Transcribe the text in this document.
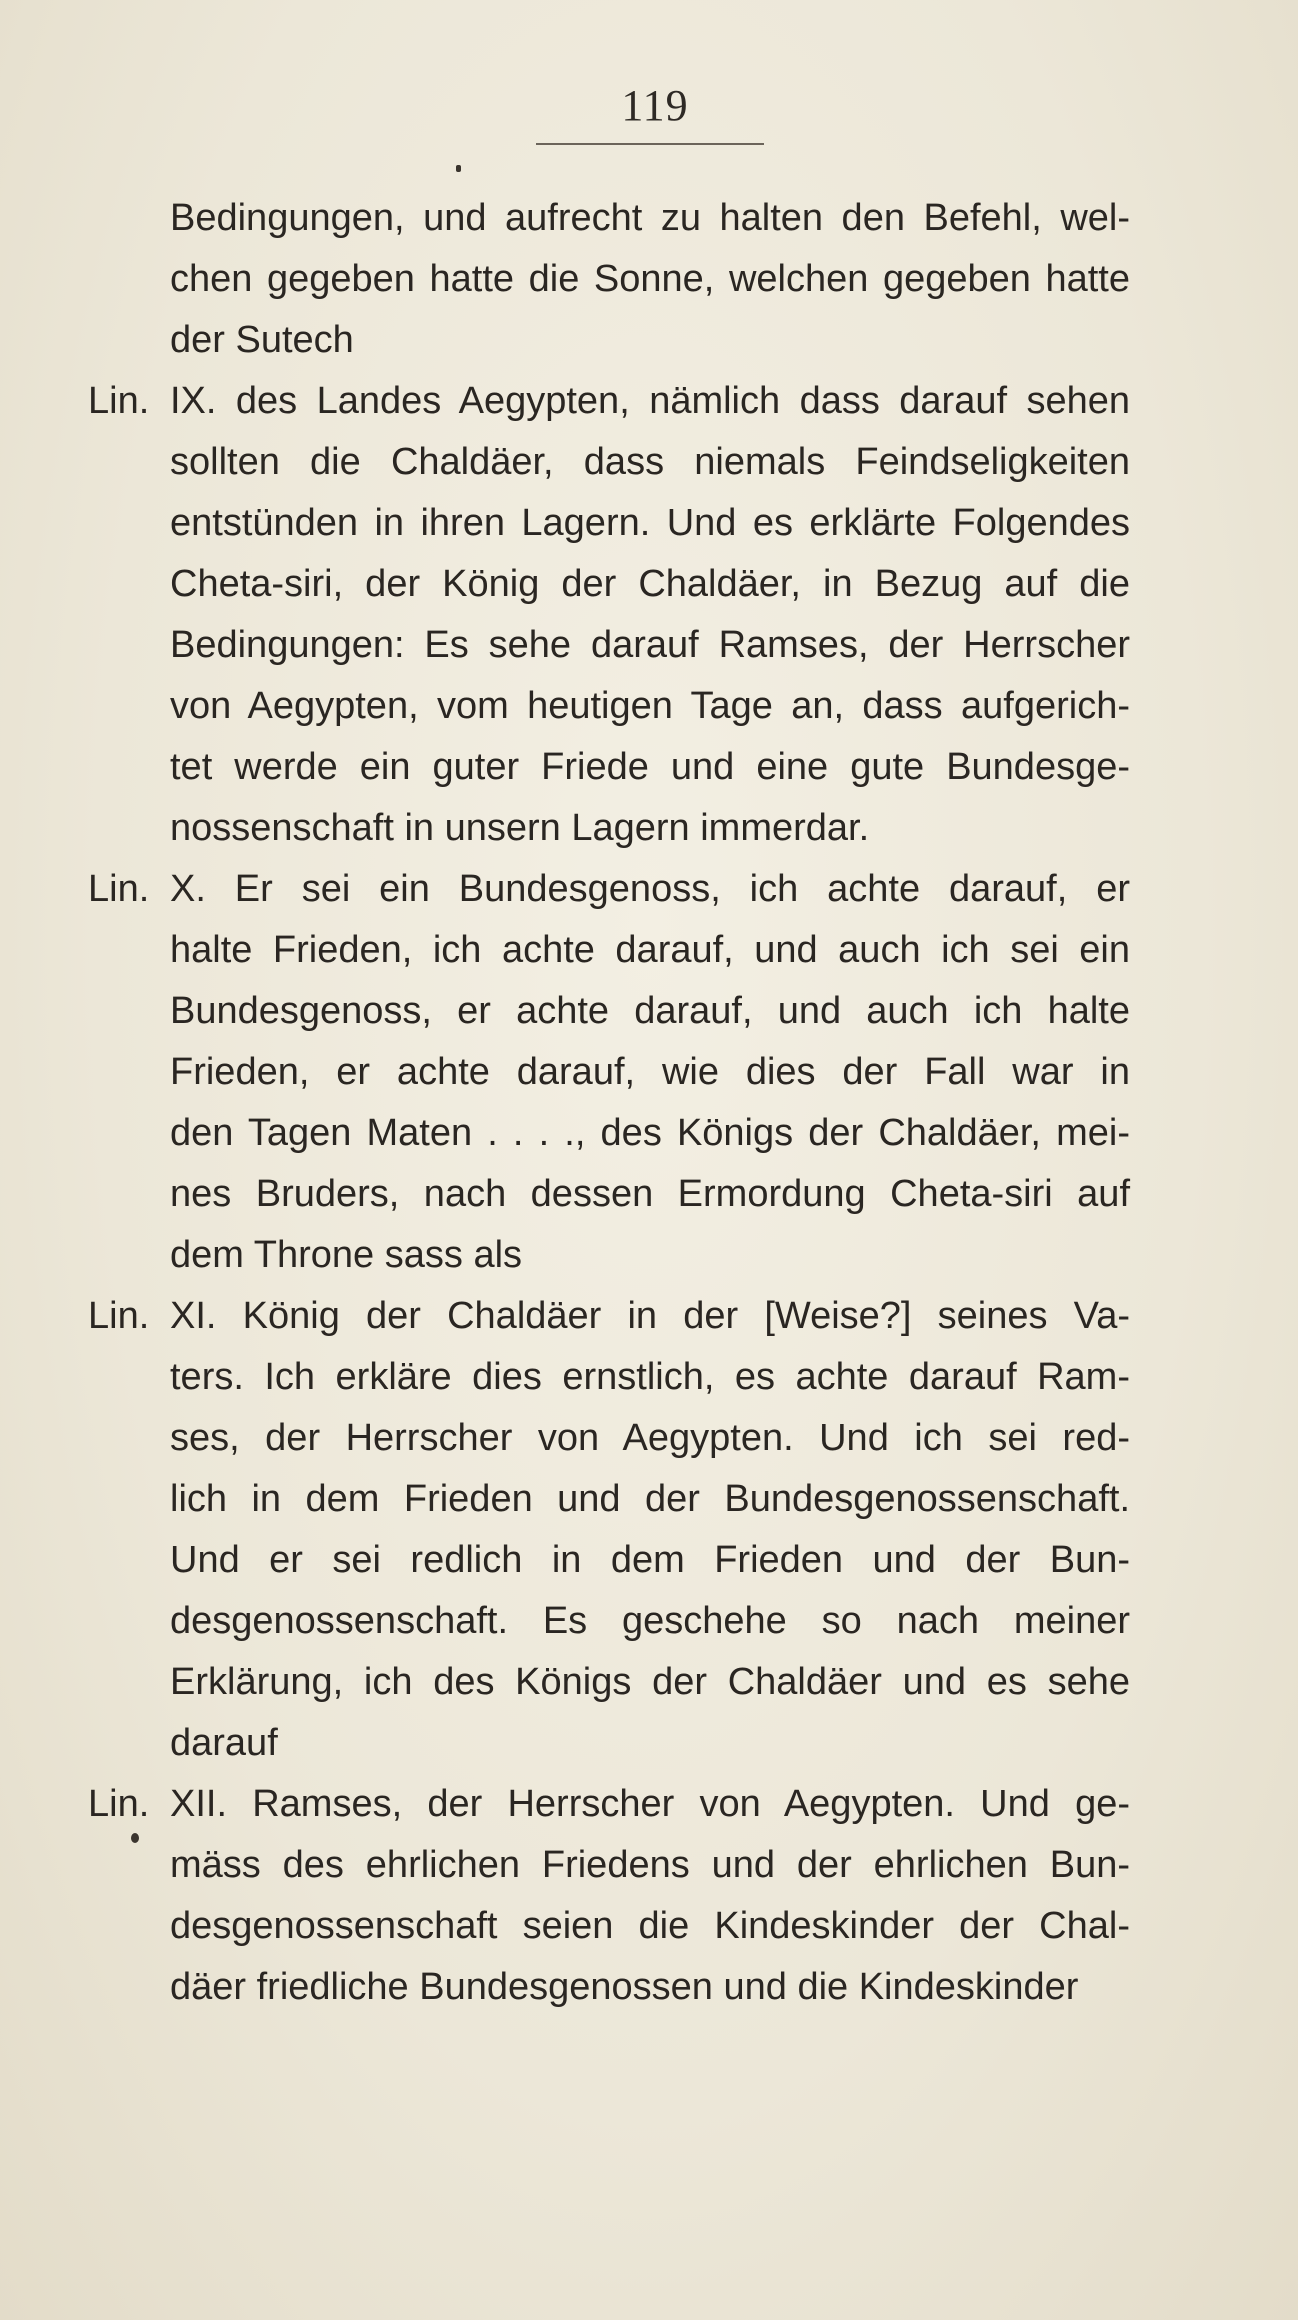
119
Bedingungen, und aufrecht zu halten den Befehl, wel-
chen gegeben hatte die Sonne, welchen gegeben hatte
der Sutech
Lin. IX. des Landes Aegypten, nämlich dass darauf sehen
sollten die Chaldäer, dass niemals Feindseligkeiten
entstünden in ihren Lagern. Und es erklärte Folgendes
Cheta-siri, der König der Chaldäer, in Bezug auf die
Bedingungen: Es sehe darauf Ramses, der Herrscher
von Aegypten, vom heutigen Tage an, dass aufgerich-
tet werde ein guter Friede und eine gute Bundesge-
nossenschaft in unsern Lagern immerdar.
Lin. X. Er sei ein Bundesgenoss, ich achte darauf, er
halte Frieden, ich achte darauf, und auch ich sei ein
Bundesgenoss, er achte darauf, und auch ich halte
Frieden, er achte darauf, wie dies der Fall war in
den Tagen Maten . . . ., des Königs der Chaldäer, mei-
nes Bruders, nach dessen Ermordung Cheta-siri auf
dem Throne sass als
Lin. XI. König der Chaldäer in der [Weise?] seines Va-
ters. Ich erkläre dies ernstlich, es achte darauf Ram-
ses, der Herrscher von Aegypten. Und ich sei red-
lich in dem Frieden und der Bundesgenossenschaft.
Und er sei redlich in dem Frieden und der Bun-
desgenossenschaft. Es geschehe so nach meiner
Erklärung, ich des Königs der Chaldäer und es sehe
darauf
Lin. XII. Ramses, der Herrscher von Aegypten. Und ge-
mäss des ehrlichen Friedens und der ehrlichen Bun-
desgenossenschaft seien die Kindeskinder der Chal-
däer friedliche Bundesgenossen und die Kindeskinder
